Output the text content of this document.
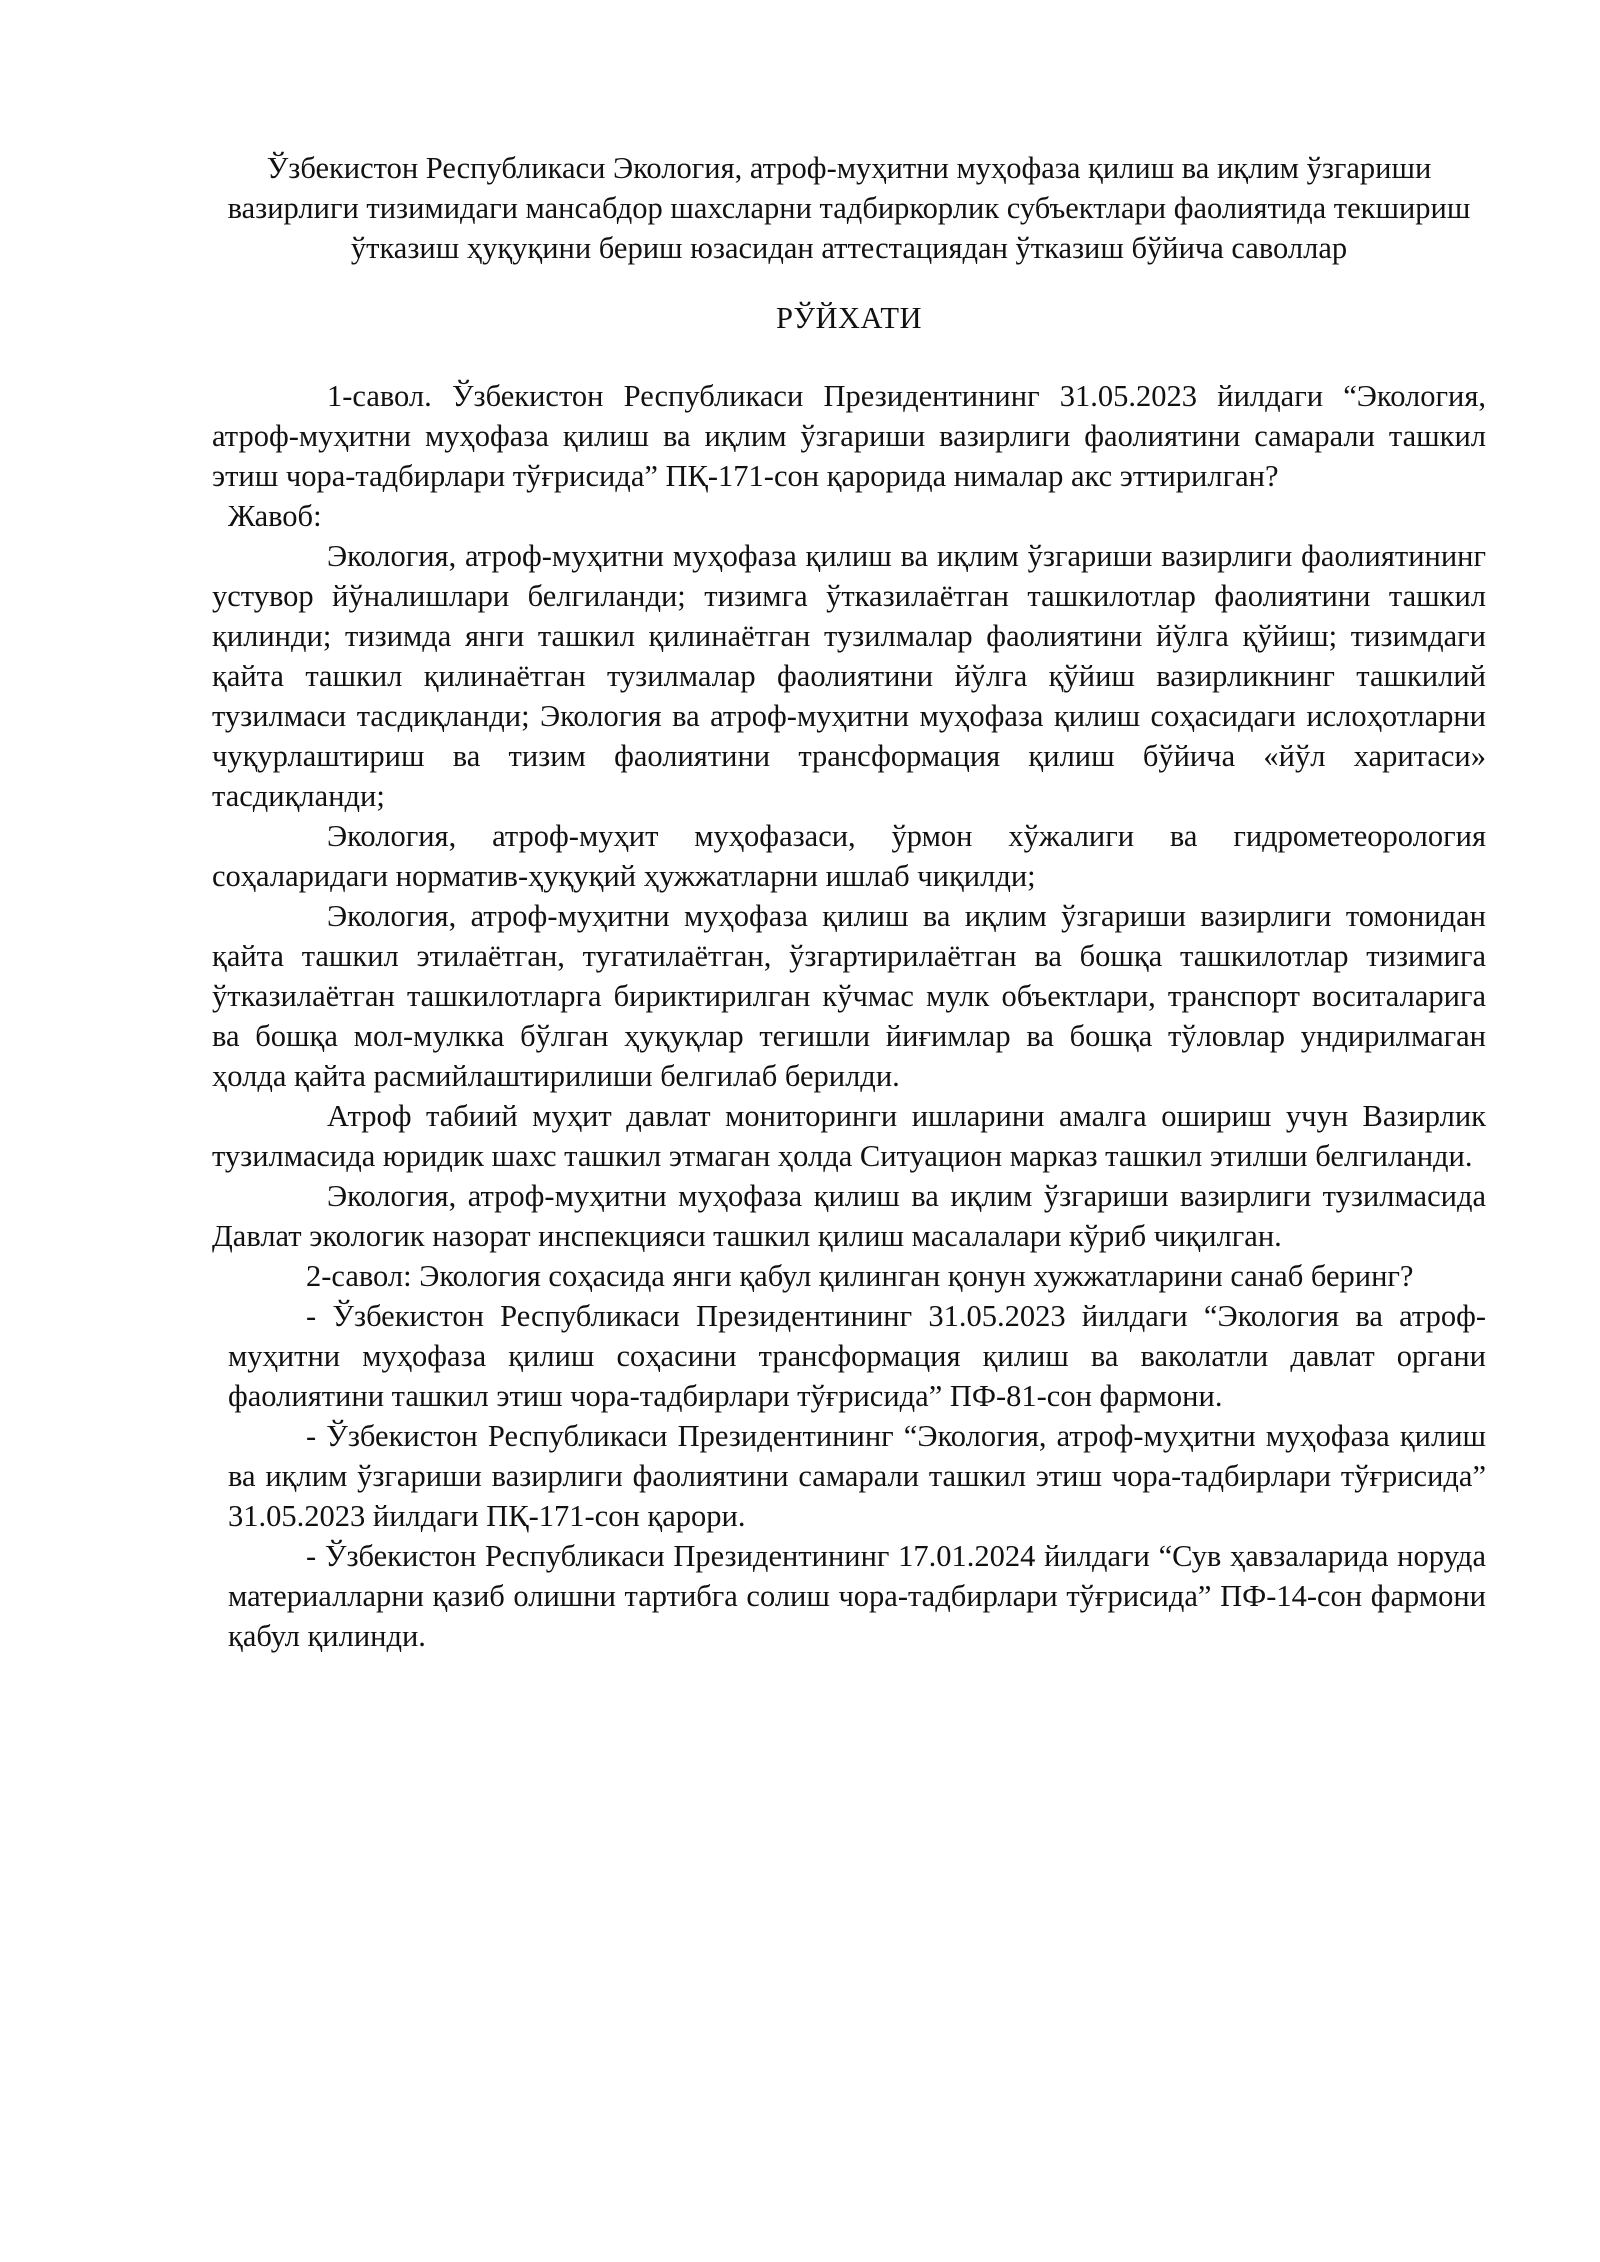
Ўзбекистон Республикаси Экология, атроф-муҳитни муҳофаза қилиш ва иқлим ўзгариши вазирлиги тизимидаги мансабдор шахсларни тадбиркорлик субъектлари фаолиятида текшириш ўтказиш ҳуқуқини бериш юзасидан аттестациядан ўтказиш бўйича саволлар

РЎЙХАТИ

1-савол. Ўзбекистон Республикаси Президентининг 31.05.2023 йилдаги “Экология, атроф-муҳитни муҳофаза қилиш ва иқлим ўзгариши вазирлиги фаолиятини самарали ташкил этиш чора-тадбирлари тўғрисида” ПҚ-171-сон қарорида нималар акс эттирилган?

Жавоб:

Экология, атроф-муҳитни муҳофаза қилиш ва иқлим ўзгариши вазирлиги фаолиятининг устувор йўналишлари белгиланди; тизимга ўтказилаётган ташкилотлар фаолиятини ташкил қилинди; тизимда янги ташкил қилинаётган тузилмалар фаолиятини йўлга қўйиш; тизимдаги қайта ташкил қилинаётган тузилмалар фаолиятини йўлга қўйиш вазирликнинг ташкилий тузилмаси тасдиқланди; Экология ва атроф-муҳитни муҳофаза қилиш соҳасидаги ислоҳотларни чуқурлаштириш ва тизим фаолиятини трансформация қилиш бўйича «йўл харитаси» тасдиқланди;

Экология, атроф-муҳит муҳофазаси, ўрмон хўжалиги ва гидрометеорология соҳаларидаги норматив-ҳуқуқий ҳужжатларни ишлаб чиқилди;

Экология, атроф-муҳитни муҳофаза қилиш ва иқлим ўзгариши вазирлиги томонидан қайта ташкил этилаётган, тугатилаётган, ўзгартирилаётган ва бошқа ташкилотлар тизимига ўтказилаётган ташкилотларга бириктирилган кўчмас мулк объектлари, транспорт воситаларига ва бошқа мол-мулкка бўлган ҳуқуқлар тегишли йиғимлар ва бошқа тўловлар ундирилмаган ҳолда қайта расмийлаштирилиши белгилаб берилди.

Атроф табиий муҳит давлат мониторинги ишларини амалга ошириш учун Вазирлик тузилмасида юридик шахс ташкил этмаган ҳолда Ситуацион марказ ташкил этилши белгиланди.

Экология, атроф-муҳитни муҳофаза қилиш ва иқлим ўзгариши вазирлиги тузилмасида Давлат экологик назорат инспекцияси ташкил қилиш масалалари кўриб чиқилган.

2-савол: Экология соҳасида янги қабул қилинган қонун хужжатларини санаб беринг?

- Ўзбекистон Республикаси Президентининг 31.05.2023 йилдаги “Экология ва атроф-муҳитни муҳофаза қилиш соҳасини трансформация қилиш ва ваколатли давлат органи фаолиятини ташкил этиш чора-тадбирлари тўғрисида” ПФ-81-сон фармони.

- Ўзбекистон Республикаси Президентининг “Экология, атроф-муҳитни муҳофаза қилиш ва иқлим ўзгариши вазирлиги фаолиятини самарали ташкил этиш чора-тадбирлари тўғрисида” 31.05.2023 йилдаги ПҚ-171-сон қарори.

- Ўзбекистон Республикаси Президентининг 17.01.2024 йилдаги “Сув ҳавзаларида норуда материалларни қазиб олишни тартибга солиш чора-тадбирлари тўғрисида” ПФ-14-сон фармони қабул қилинди.
